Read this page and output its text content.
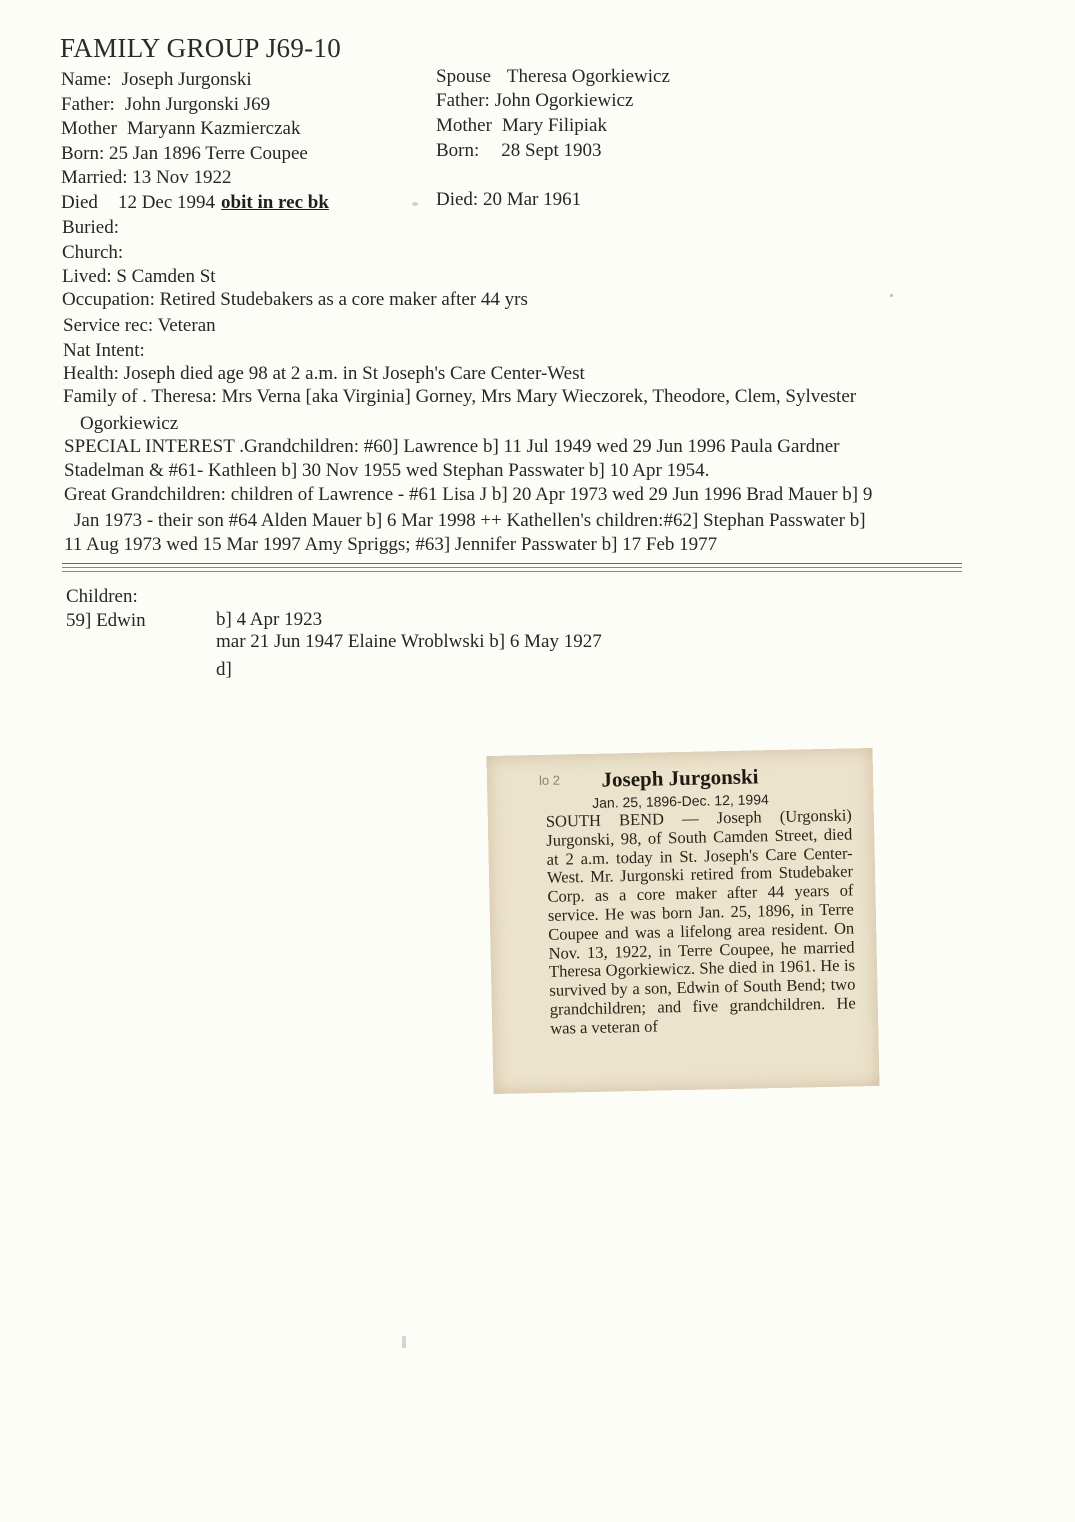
FAMILY GROUP J69-10
Name: Joseph Jurgonski
Father: John Jurgonski J69
Mother Maryann Kazmierczak
Born: 25 Jan 1896 Terre Coupee
Married: 13 Nov 1922
Died 12 Dec 1994 obit in rec bk
Buried:
Church:
Lived: S Camden St
Occupation: Retired Studebakers as a core maker after 44 yrs
Service rec: Veteran
Nat Intent:
Health: Joseph died age 98 at 2 a.m. in St Joseph's Care Center-West
Family of . Theresa: Mrs Verna [aka Virginia] Gorney, Mrs Mary Wieczorek, Theodore, Clem, Sylvester
Ogorkiewicz
SPECIAL INTEREST .Grandchildren: #60] Lawrence b] 11 Jul 1949 wed 29 Jun 1996 Paula Gardner
Stadelman & #61- Kathleen b] 30 Nov 1955 wed Stephan Passwater b] 10 Apr 1954.
Great Grandchildren: children of Lawrence - #61 Lisa J b] 20 Apr 1973 wed 29 Jun 1996 Brad Mauer b] 9
Jan 1973 - their son #64 Alden Mauer b] 6 Mar 1998 ++ Kathellen's children:#62] Stephan Passwater b]
11 Aug 1973 wed 15 Mar 1997 Amy Spriggs; #63] Jennifer Passwater b] 17 Feb 1977
Spouse Theresa Ogorkiewicz
Father: John Ogorkiewicz
Mother Mary Filipiak
Born: 28 Sept 1903
Died: 20 Mar 1961
Children:
59] Edwin	b] 4 Apr 1923
mar 21 Jun 1947 Elaine Wroblwski b] 6 May 1927
d]
lo 2	Joseph Jurgonski
Jan. 25, 1896-Dec. 12, 1994
SOUTH BEND — Joseph (Urgonski) Jurgonski, 98, of South Camden Street, died at 2 a.m. today in St. Joseph's Care Center-West. Mr. Jurgonski retired from Studebaker Corp. as a core maker after 44 years of service. He was born Jan. 25, 1896, in Terre Coupee and was a lifelong area resident. On Nov. 13, 1922, in Terre Coupee, he married Theresa Ogorkiewicz. She died in 1961. He is survived by a son, Edwin of South Bend; two grandchildren; and five grandchildren. He was a veteran of
